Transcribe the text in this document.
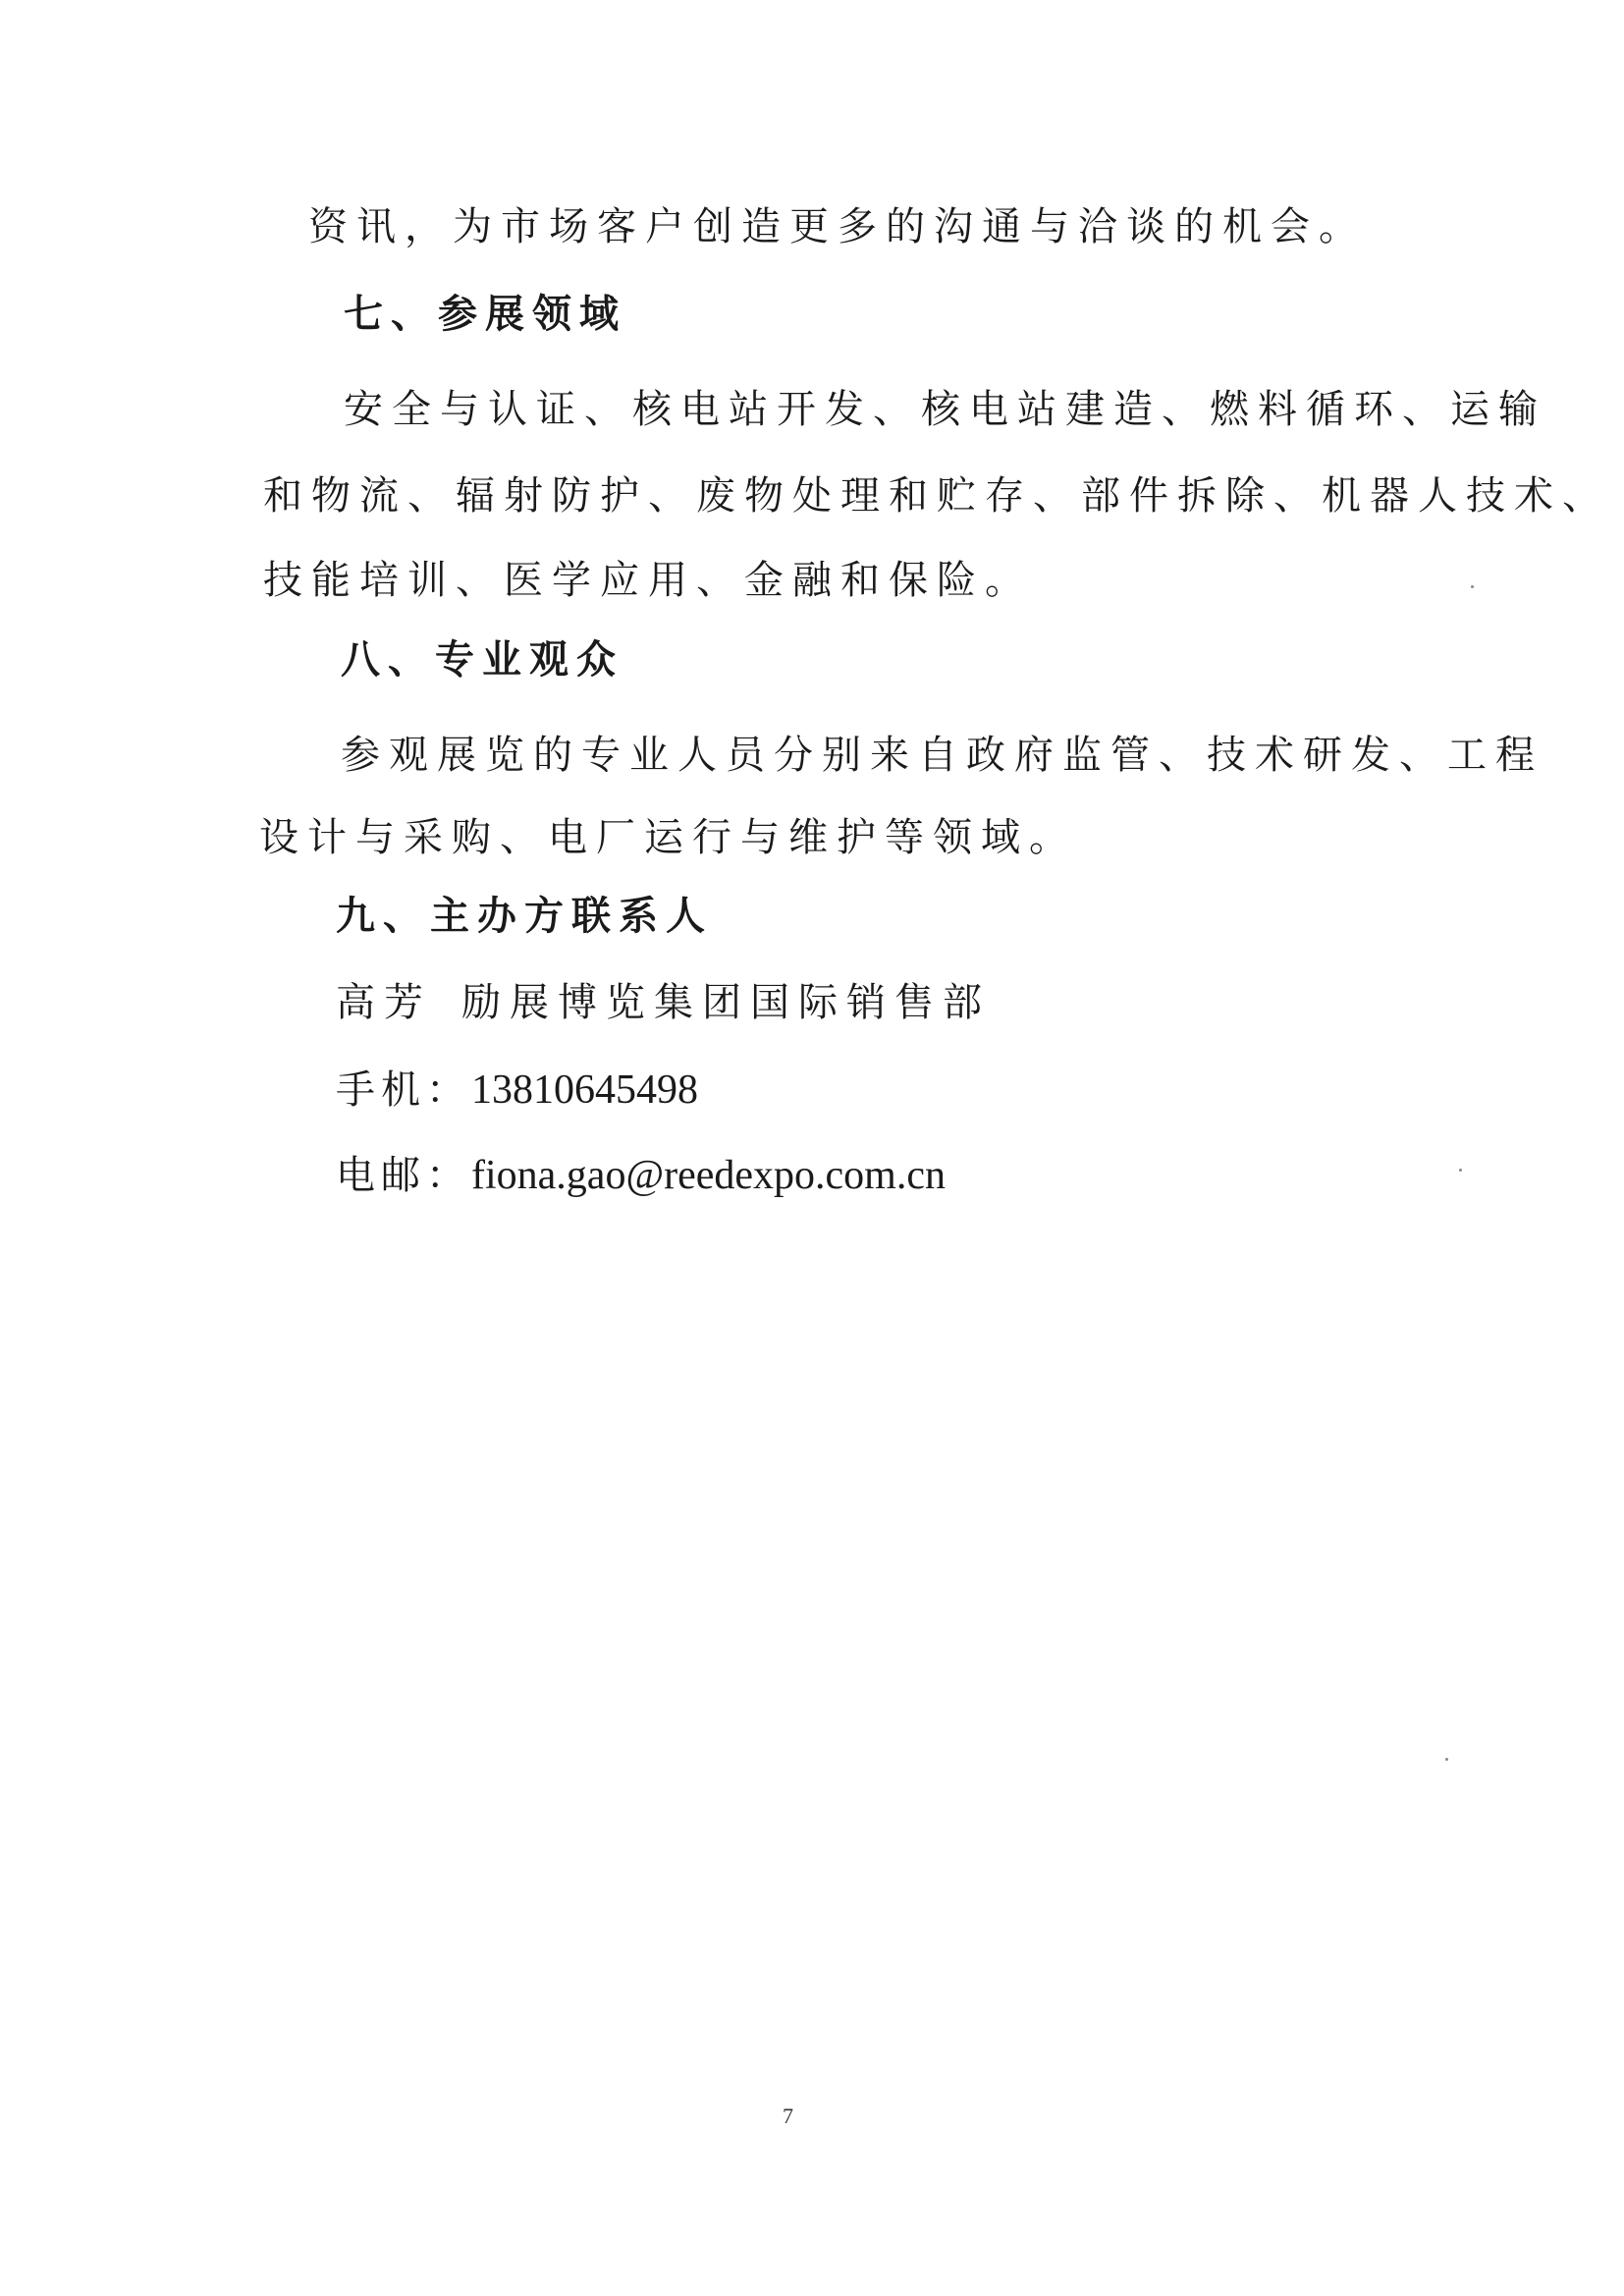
资讯，为市场客户创造更多的沟通与洽谈的机会。

七、参展领域

安全与认证、核电站开发、核电站建造、燃料循环、运输

和物流、辐射防护、废物处理和贮存、部件拆除、机器人技术、

技能培训、医学应用、金融和保险。

八、专业观众

参观展览的专业人员分别来自政府监管、技术研发、工程

设计与采购、电厂运行与维护等领域。

九、主办方联系人

高芳 励展博览集团国际销售部

手机：13810645498

电邮：fiona.gao@reedexpo.com.cn

7
